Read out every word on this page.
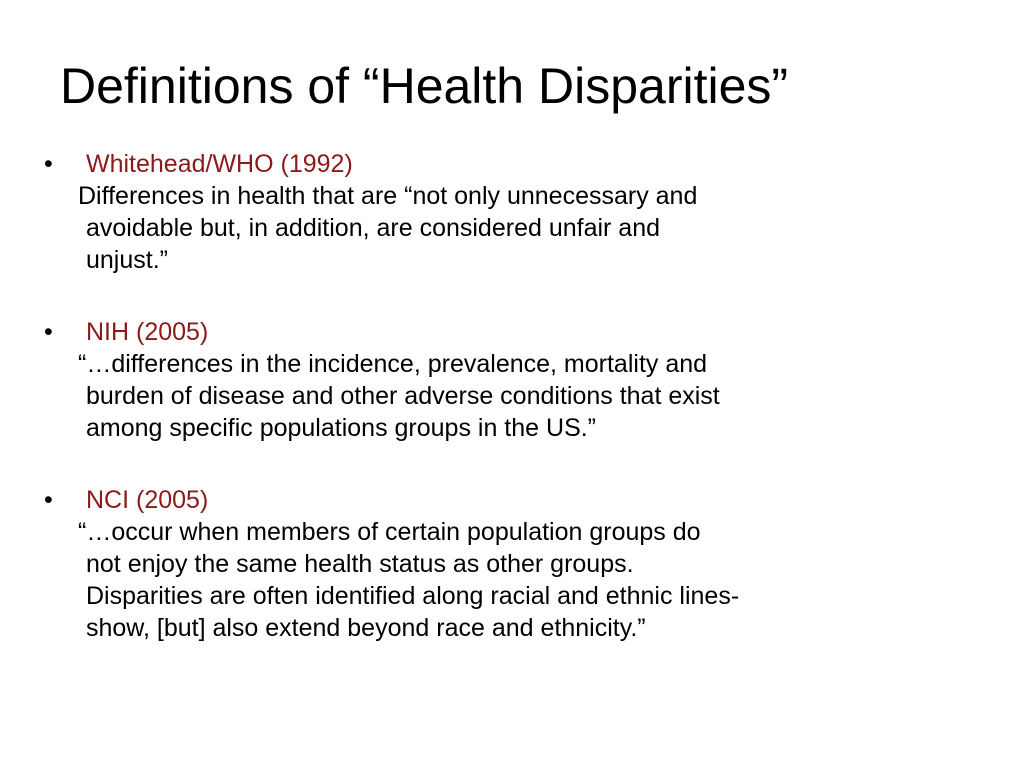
Definitions of “Health Disparities”
• Whitehead/WHO (1992)

Differences in health that are “not only unnecessary and
avoidable but, in addition, are considered unfair and
unjust.”

• NIH (2005)

“…differences in the incidence, prevalence, mortality and
burden of disease and other adverse conditions that exist
among specific populations groups in the US.”

• NCI (2005)

“…occur when members of certain population groups do
not enjoy the same health status as other groups.
Disparities are often identified along racial and ethnic lines-
show, [but] also extend beyond race and ethnicity.”
